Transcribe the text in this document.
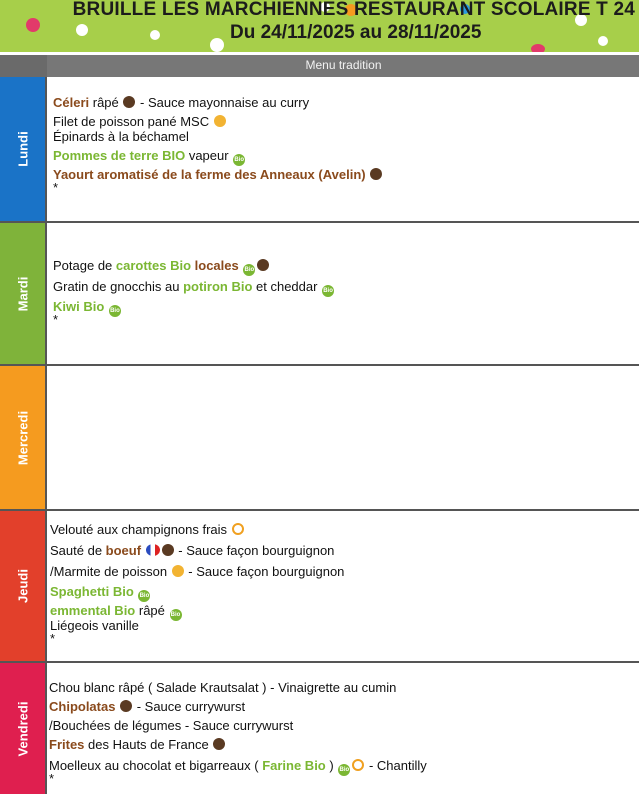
BRUILLE LES MARCHIENNES RESTAURANT SCOLAIRE T 24
Du 24/11/2025 au 28/11/2025
Menu tradition
Lundi
Céleri râpé  - Sauce mayonnaise au curry
Filet de poisson pané MSC
Épinards à la béchamel
Pommes de terre BIO vapeur Bio
Yaourt aromatisé de la ferme des Anneaux (Avelin)
*
Mardi
Potage de carottes Bio locales Bio
Gratin de gnocchis au potiron Bio et cheddar Bio
Kiwi Bio Bio
*
Mercredi
Jeudi
Velouté aux champignons frais
Sauté de boeuf	- Sauce façon bourguignon
/Marmite de poisson  - Sauce façon bourguignon
Spaghetti Bio Bio
emmental Bio râpé Bio
Liégeois vanille
*
Vendredi
Chou blanc râpé ( Salade Krautsalat ) - Vinaigrette au cumin
Chipolatas  - Sauce currywurst
/Bouchées de légumes - Sauce currywurst
Frites des Hauts de France
Moelleux au chocolat et bigarreaux ( Farine Bio ) Bio - Chantilly
*
